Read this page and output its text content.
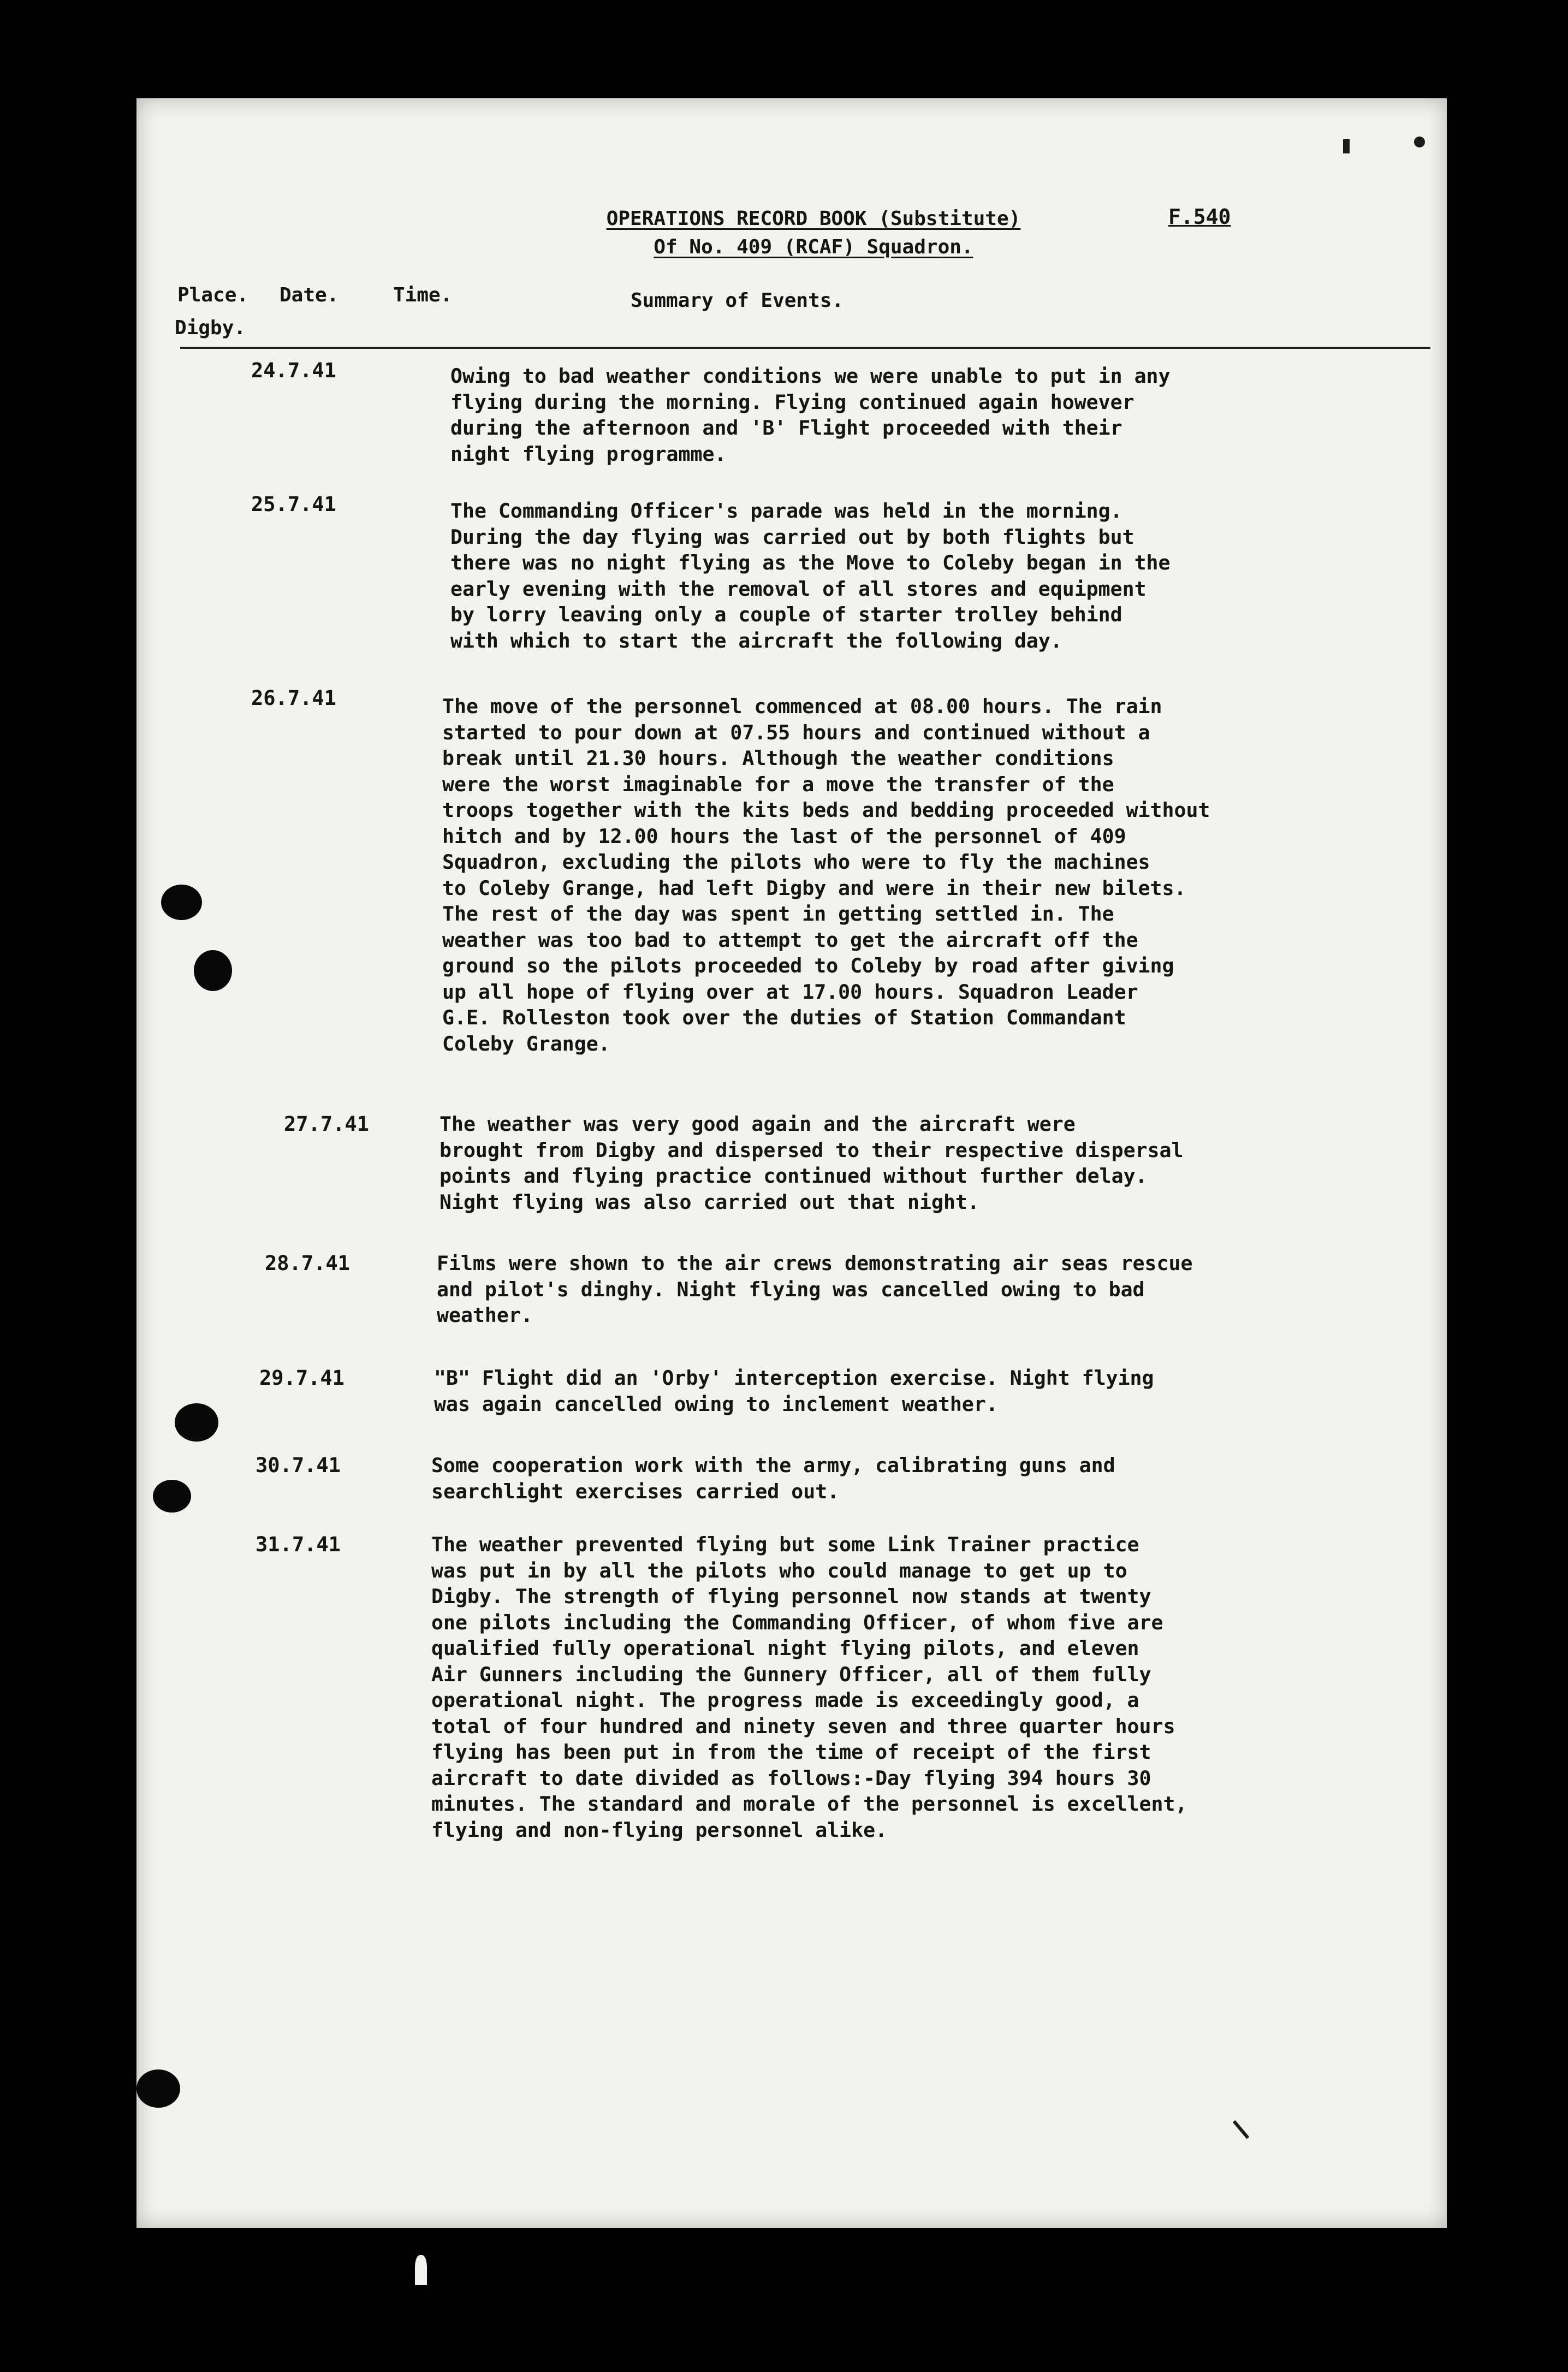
OPERATIONS RECORD BOOK (Substitute)
Of No. 409 (RCAF) Squadron.
F.540
Place. Date.	Time.	Summary of Events.
Digby.
24.7.41	Owing to bad weather conditions we were unable to put in any
flying during the morning. Flying continued again however
during the afternoon and 'B' Flight proceeded with their
night flying programme.
25.7.41	The Commanding Officer's parade was held in the morning.
During the day flying was carried out by both flights but
there was no night flying as the Move to Coleby began in the
early evening with the removal of all stores and equipment
by lorry leaving only a couple of starter trolley behind
with which to start the aircraft the following day.
26.7.41	The move of the personnel commenced at 08.00 hours. The rain
started to pour down at 07.55 hours and continued without a
break until 21.30 hours. Although the weather conditions
were the worst imaginable for a move the transfer of the
troops together with the kits beds and bedding proceeded without
hitch and by 12.00 hours the last of the personnel of 409
Squadron, excluding the pilots who were to fly the machines
to Coleby Grange, had left Digby and were in their new bilets.
The rest of the day was spent in getting settled in. The
weather was too bad to attempt to get the aircraft off the
ground so the pilots proceeded to Coleby by road after giving
up all hope of flying over at 17.00 hours. Squadron Leader
G.E. Rolleston took over the duties of Station Commandant
Coleby Grange.
27.7.41	The weather was very good again and the aircraft were
brought from Digby and dispersed to their respective dispersal
points and flying practice continued without further delay.
Night flying was also carried out that night.
28.7.41	Films were shown to the air crews demonstrating air seas rescue
and pilot's dinghy. Night flying was cancelled owing to bad
weather.
29.7.41	"B" Flight did an 'Orby' interception exercise. Night flying
was again cancelled owing to inclement weather.
30.7.41	Some cooperation work with the army, calibrating guns and
searchlight exercises carried out.
31.7.41	The weather prevented flying but some Link Trainer practice
was put in by all the pilots who could manage to get up to
Digby. The strength of flying personnel now stands at twenty
one pilots including the Commanding Officer, of whom five are
qualified fully operational night flying pilots, and eleven
Air Gunners including the Gunnery Officer, all of them fully
operational night. The progress made is exceedingly good, a
total of four hundred and ninety seven and three quarter hours
flying has been put in from the time of receipt of the first
aircraft to date divided as follows:-Day flying 394 hours 30
minutes. The standard and morale of the personnel is excellent,
flying and non-flying personnel alike.
